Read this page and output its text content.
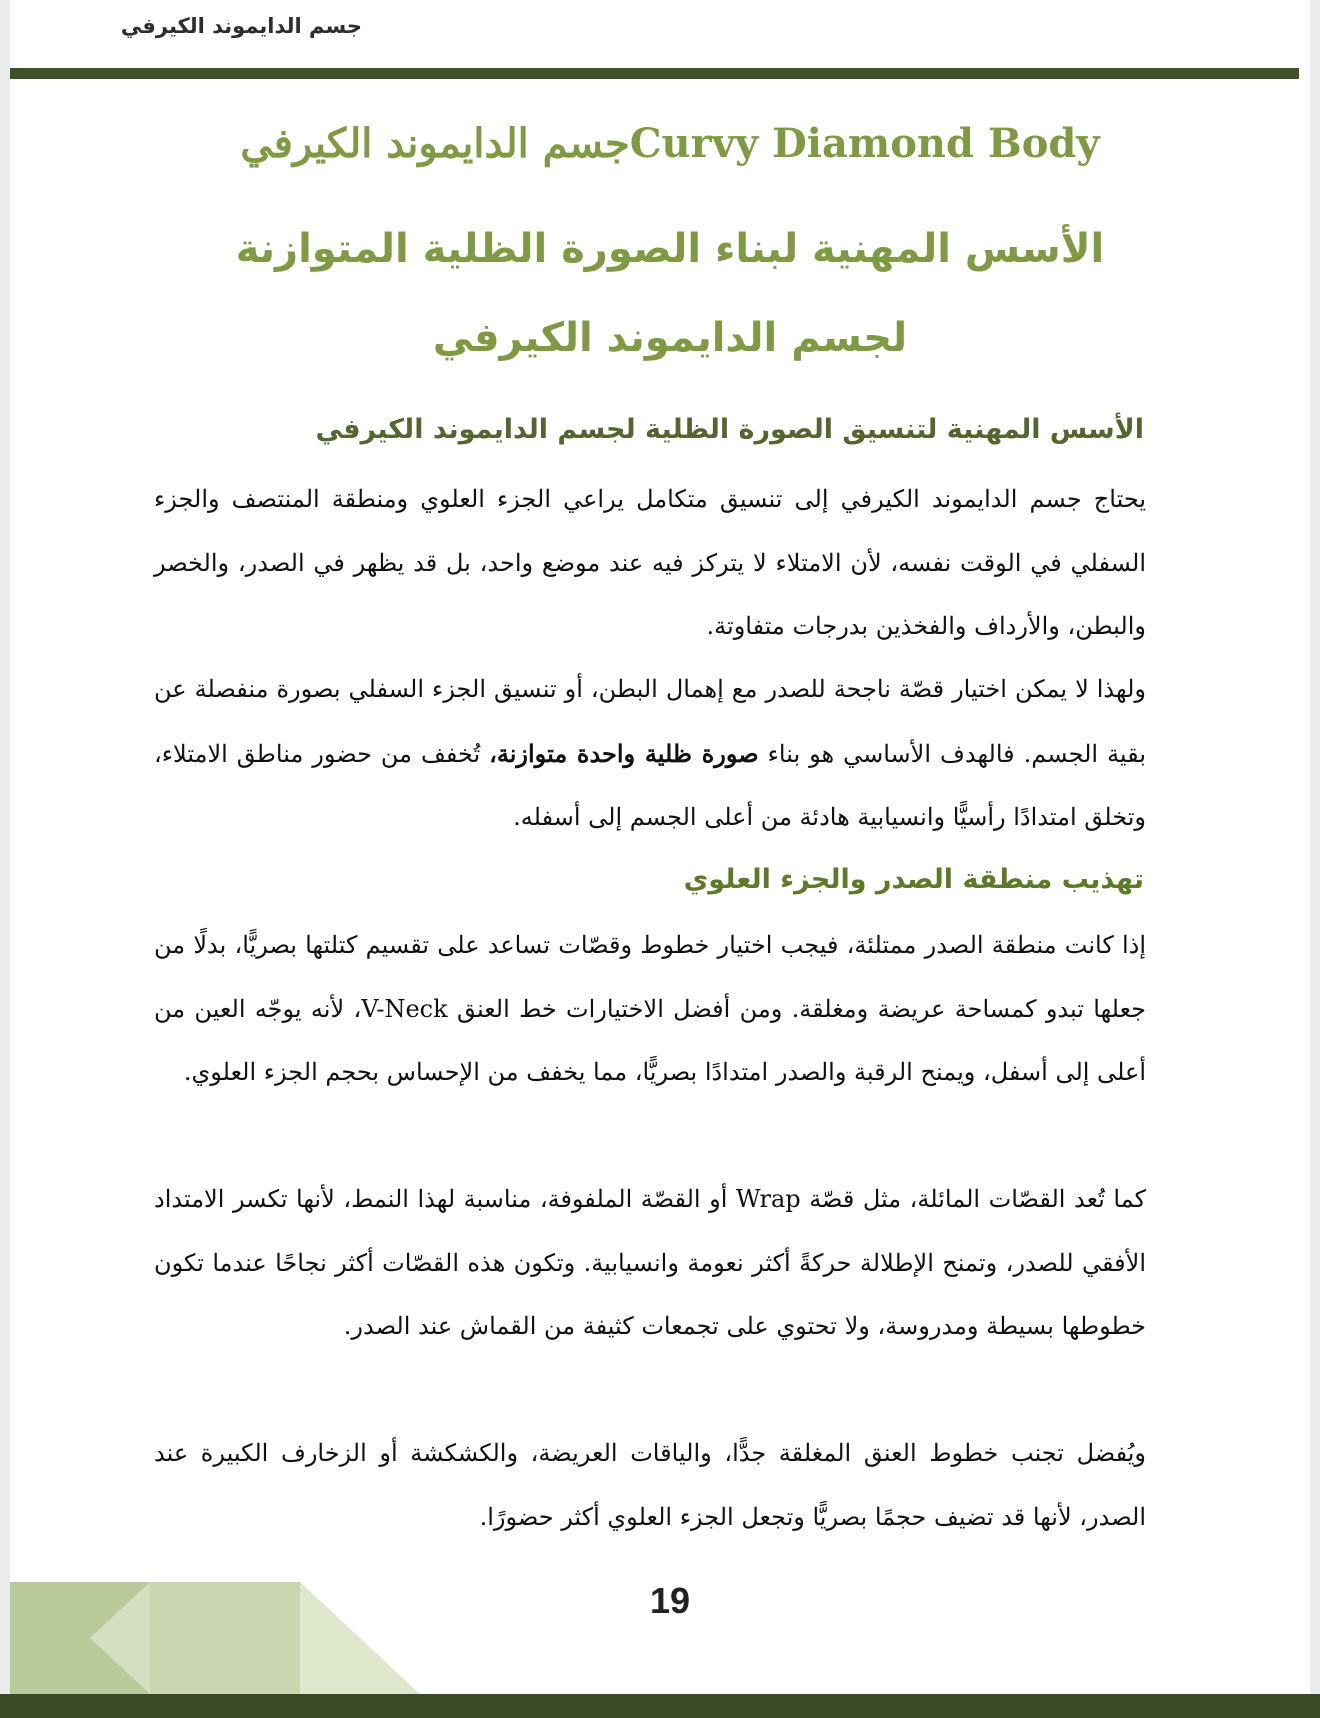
جسم الدايموند الكيرفي
Curvy Diamond Bodyجسم الدايموند الكيرفي
الأسس المهنية لبناء الصورة الظلية المتوازنة
لجسم الدايموند الكيرفي
الأسس المهنية لتنسيق الصورة الظلية لجسم الدايموند الكيرفي

يحتاج جسم الدايموند الكيرفي إلى تنسيق متكامل يراعي الجزء العلوي ومنطقة المنتصف والجزء السفلي في الوقت نفسه، لأن الامتلاء لا يتركز فيه عند موضع واحد، بل قد يظهر في الصدر، والخصر والبطن، والأرداف والفخذين بدرجات متفاوتة.

ولهذا لا يمكن اختيار قصّة ناجحة للصدر مع إهمال البطن، أو تنسيق الجزء السفلي بصورة منفصلة عن بقية الجسم. فالهدف الأساسي هو بناء صورة ظلية واحدة متوازنة، تُخفف من حضور مناطق الامتلاء، وتخلق امتدادًا رأسيًّا وانسيابية هادئة من أعلى الجسم إلى أسفله.

تهذيب منطقة الصدر والجزء العلوي

إذا كانت منطقة الصدر ممتلئة، فيجب اختيار خطوط وقصّات تساعد على تقسيم كتلتها بصريًّا، بدلًا من جعلها تبدو كمساحة عريضة ومغلقة. ومن أفضل الاختيارات خط العنق V-Neck، لأنه يوجّه العين من أعلى إلى أسفل، ويمنح الرقبة والصدر امتدادًا بصريًّا، مما يخفف من الإحساس بحجم الجزء العلوي.

كما تُعد القصّات المائلة، مثل قصّة Wrap أو القصّة الملفوفة، مناسبة لهذا النمط، لأنها تكسر الامتداد الأفقي للصدر، وتمنح الإطلالة حركةً أكثر نعومة وانسيابية. وتكون هذه القصّات أكثر نجاحًا عندما تكون خطوطها بسيطة ومدروسة، ولا تحتوي على تجمعات كثيفة من القماش عند الصدر.

ويُفضل تجنب خطوط العنق المغلقة جدًّا، والياقات العريضة، والكشكشة أو الزخارف الكبيرة عند الصدر، لأنها قد تضيف حجمًا بصريًّا وتجعل الجزء العلوي أكثر حضورًا.

19
